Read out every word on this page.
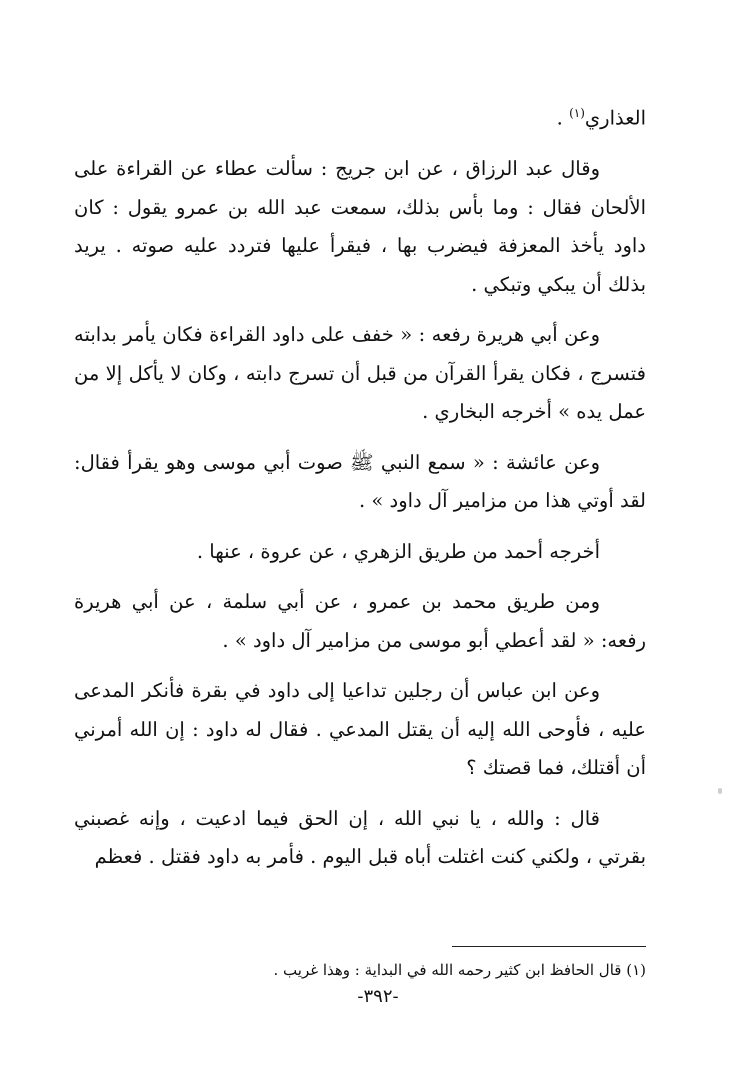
العذاري$^{(١)}$ .

وقال عبد الرزاق ، عن ابن جريج : سألت عطاء عن القراءة على الألحان فقال : وما بأس بذلك، سمعت عبد الله بن عمرو يقول : كان داود يأخذ المعزفة فيضرب بها ، فيقرأ عليها فتردد عليه صوته . يريد بذلك أن يبكي وتبكي .

وعن أبي هريرة رفعه : « خفف على داود القراءة فكان يأمر بدابته فتسرج ، فكان يقرأ القرآن من قبل أن تسرج دابته ، وكان لا يأكل إلا من عمل يده » أخرجه البخاري .

وعن عائشة : « سمع النبي ﷺ صوت أبي موسى وهو يقرأ فقال: لقد أوتي هذا من مزامير آل داود » .

أخرجه أحمد من طريق الزهري ، عن عروة ، عنها .

ومن طريق محمد بن عمرو ، عن أبي سلمة ، عن أبي هريرة رفعه: « لقد أعطي أبو موسى من مزامير آل داود » .

وعن ابن عباس أن رجلين تداعيا إلى داود في بقرة فأنكر المدعى عليه ، فأوحى الله إليه أن يقتل المدعي . فقال له داود : إن الله أمرني أن أقتلك، فما قصتك ؟

قال : والله ، يا نبي الله ، إن الحق فيما ادعيت ، وإنه غصبني بقرتي ، ولكني كنت اغتلت أباه قبل اليوم . فأمر به داود فقتل . فعظم

(١) قال الحافظ ابن كثير رحمه الله في البداية : وهذا غريب .
-٣٩٢-
